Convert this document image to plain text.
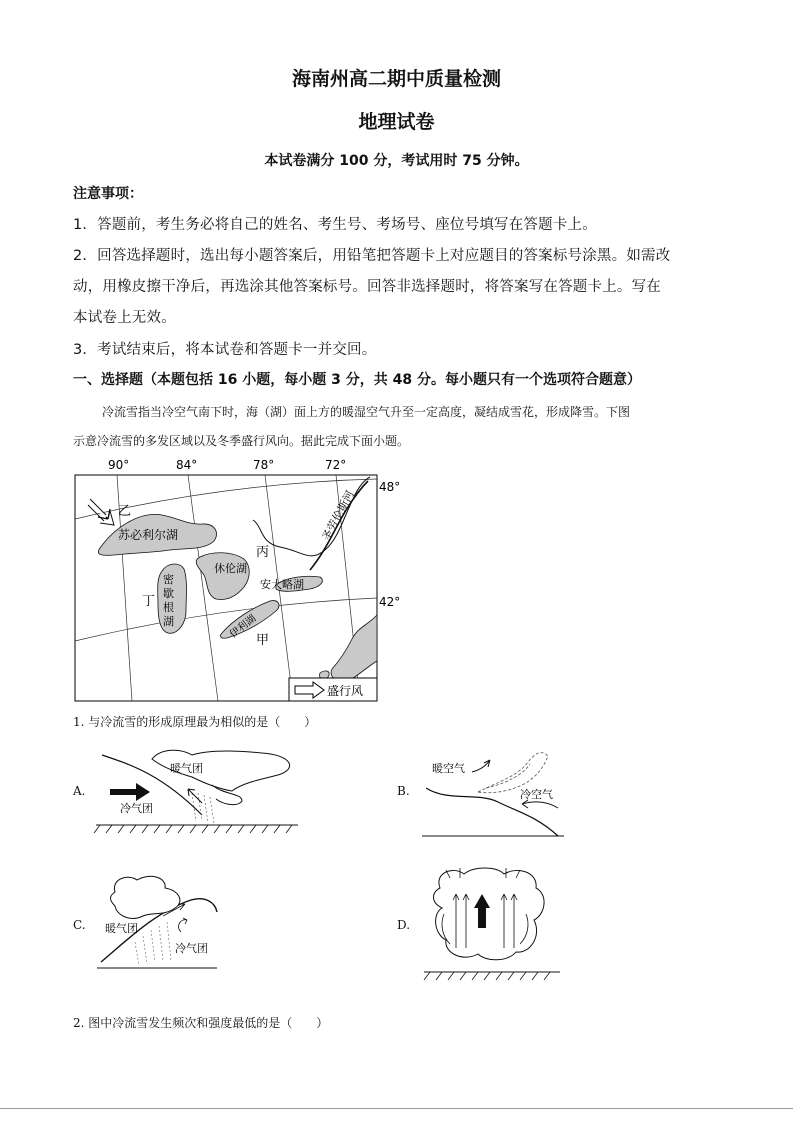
海南州高二期中质量检测
地理试卷
本试卷满分 100 分，考试用时 75 分钟。
注意事项：
1．答题前，考生务必将自己的姓名、考生号、考场号、座位号填写在答题卡上。
2．回答选择题时，选出每小题答案后，用铅笔把答题卡上对应题目的答案标号涂黑。如需改
动，用橡皮擦干净后，再选涂其他答案标号。回答非选择题时，将答案写在答题卡上。写在
本试卷上无效。
3．考试结束后，将本试卷和答题卡一并交回。
一、选择题（本题包括 16 小题，每小题 3 分，共 48 分。每小题只有一个选项符合题意）
冷流雪指当冷空气南下时，海（湖）面上方的暖湿空气升至一定高度，凝结成雪花，形成降雪。下图
示意冷流雪的多发区域以及冬季盛行风向。据此完成下面小题。
90°	84°	78°	72°
乙
苏必利尔湖
丙
休伦湖
安大略湖
丁
甲
密歇根湖
圣劳伦斯河
伊利湖
48°
42°
盛行风
1. 与冷流雪的形成原理最为相似的是（　　）
A.
暖气团
冷气团
B.
暖空气
冷空气
C. 暖气团
冷气团
D.
2. 图中冷流雪发生频次和强度最低的是（　　）
